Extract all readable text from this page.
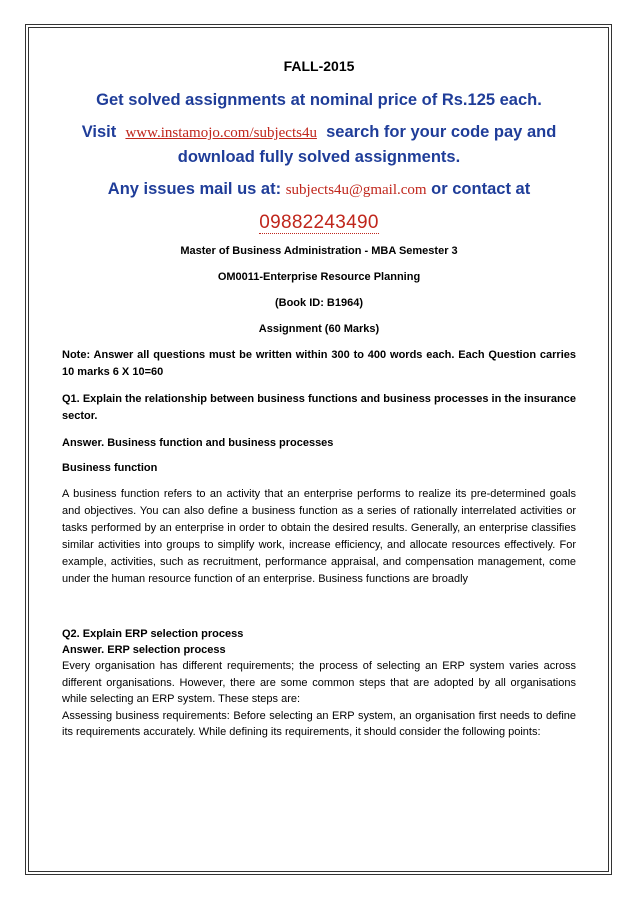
FALL-2015

Get solved assignments at nominal price of Rs.125 each.

Visit www.instamojo.com/subjects4u search for your code pay and download fully solved assignments.

Any issues mail us at: subjects4u@gmail.com or contact at

09882243490

Master of Business Administration - MBA Semester 3

OM0011-Enterprise Resource Planning

(Book ID: B1964)

Assignment (60 Marks)

Note: Answer all questions must be written within 300 to 400 words each. Each Question carries 10 marks 6 X 10=60

Q1. Explain the relationship between business functions and business processes in the insurance sector.

Answer. Business function and business processes

Business function

A business function refers to an activity that an enterprise performs to realize its pre-determined goals and objectives. You can also define a business function as a series of rationally interrelated activities or tasks performed by an enterprise in order to obtain the desired results. Generally, an enterprise classifies similar activities into groups to simplify work, increase efficiency, and allocate resources effectively. For example, activities, such as recruitment, performance appraisal, and compensation management, come under the human resource function of an enterprise. Business functions are broadly

Q2. Explain ERP selection process

Answer. ERP selection process

Every organisation has different requirements; the process of selecting an ERP system varies across different organisations. However, there are some common steps that are adopted by all organisations while selecting an ERP system. These steps are:

Assessing business requirements: Before selecting an ERP system, an organisation first needs to define its requirements accurately. While defining its requirements, it should consider the following points:
